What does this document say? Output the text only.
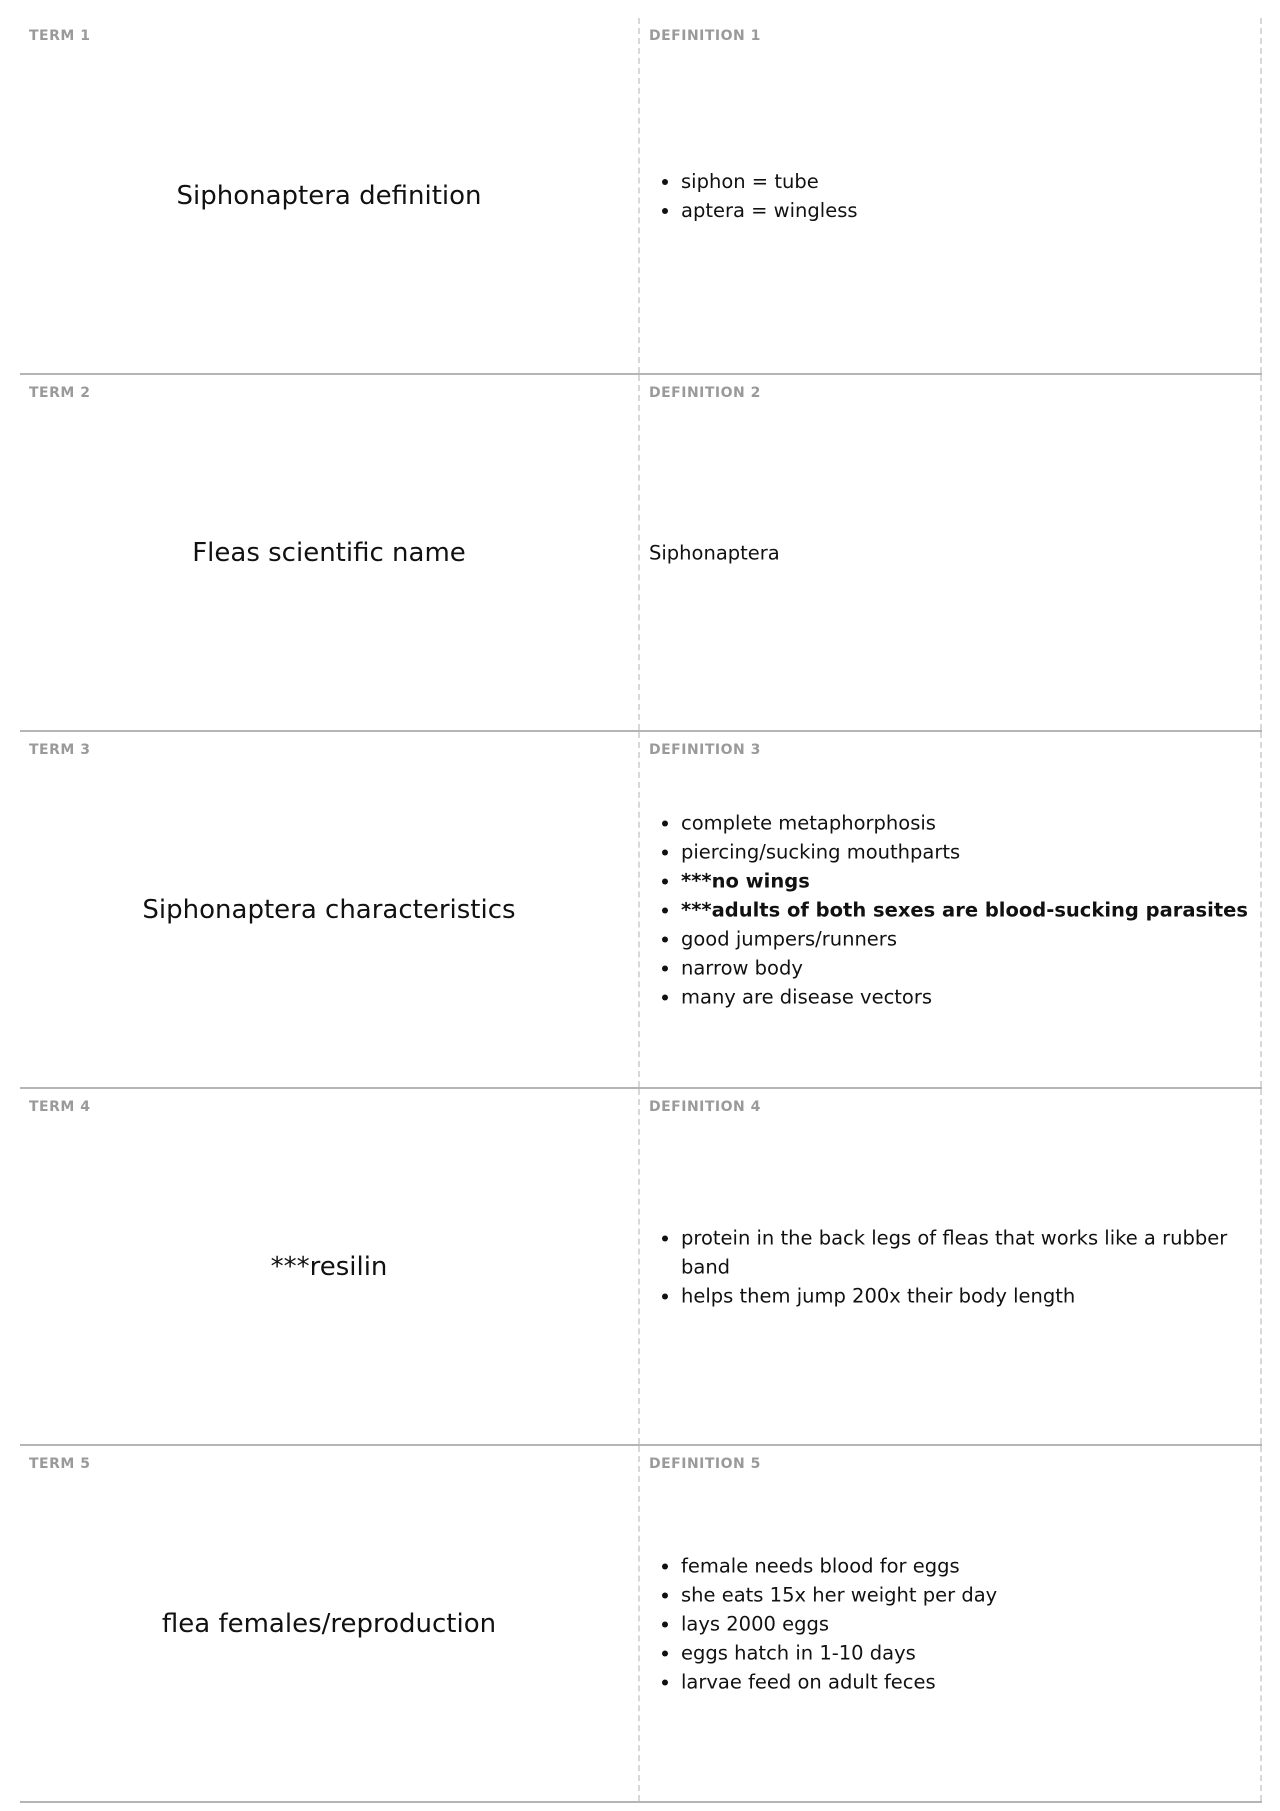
TERM 1
Siphonaptera definition
DEFINITION 1
• siphon = tube
• aptera = wingless
TERM 2
Fleas scientific name
DEFINITION 2
Siphonaptera
TERM 3
Siphonaptera characteristics
DEFINITION 3
• complete metaphorphosis
• piercing/sucking mouthparts
• ***no wings
• ***adults of both sexes are blood-sucking parasites
• good jumpers/runners
• narrow body
• many are disease vectors
TERM 4
***resilin
DEFINITION 4
• protein in the back legs of fleas that works like a rubber band
• helps them jump 200x their body length
TERM 5
flea females/reproduction
DEFINITION 5
• female needs blood for eggs
• she eats 15x her weight per day
• lays 2000 eggs
• eggs hatch in 1-10 days
• larvae feed on adult feces
